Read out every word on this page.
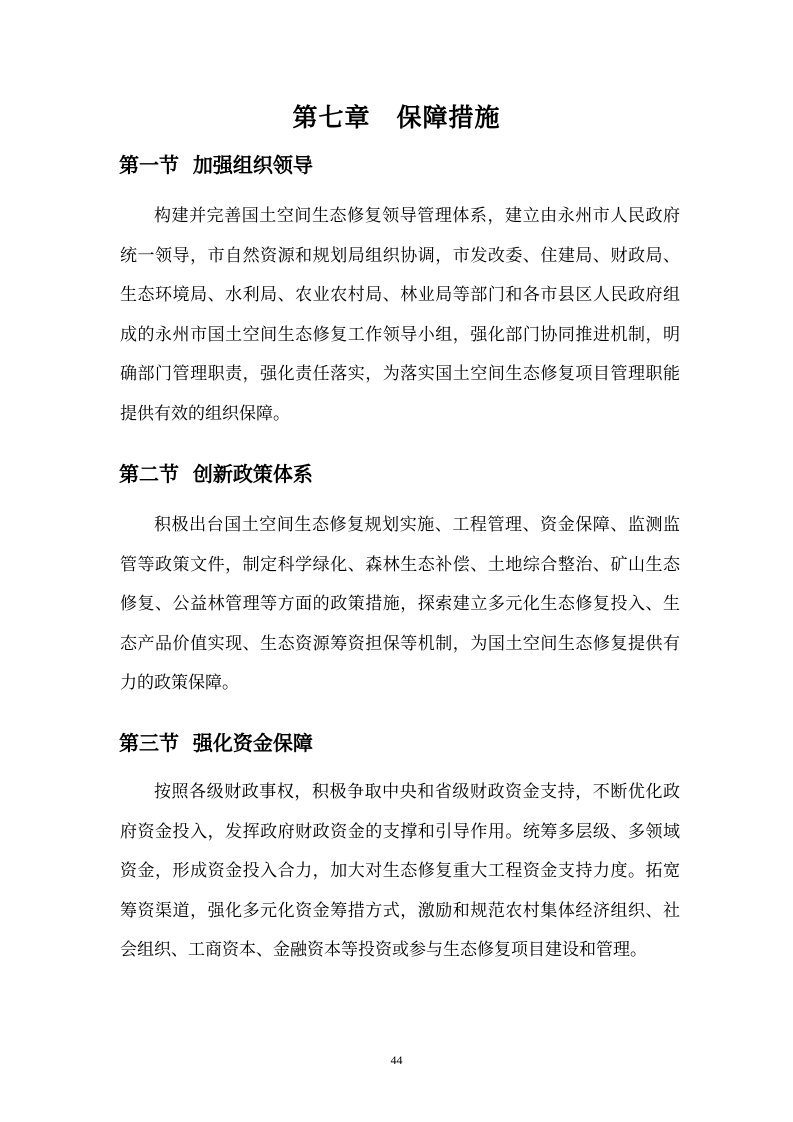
第七章　保障措施
第一节  加强组织领导

构建并完善国土空间生态修复领导管理体系，建立由永州市人民政府统一领导，市自然资源和规划局组织协调，市发改委、住建局、财政局、生态环境局、水利局、农业农村局、林业局等部门和各市县区人民政府组成的永州市国土空间生态修复工作领导小组，强化部门协同推进机制，明确部门管理职责，强化责任落实，为落实国土空间生态修复项目管理职能提供有效的组织保障。

第二节  创新政策体系

积极出台国土空间生态修复规划实施、工程管理、资金保障、监测监管等政策文件，制定科学绿化、森林生态补偿、土地综合整治、矿山生态修复、公益林管理等方面的政策措施，探索建立多元化生态修复投入、生态产品价值实现、生态资源筹资担保等机制，为国土空间生态修复提供有力的政策保障。

第三节  强化资金保障

按照各级财政事权，积极争取中央和省级财政资金支持，不断优化政府资金投入，发挥政府财政资金的支撑和引导作用。统筹多层级、多领域资金，形成资金投入合力，加大对生态修复重大工程资金支持力度。拓宽筹资渠道，强化多元化资金筹措方式，激励和规范农村集体经济组织、社会组织、工商资本、金融资本等投资或参与生态修复项目建设和管理。

44
